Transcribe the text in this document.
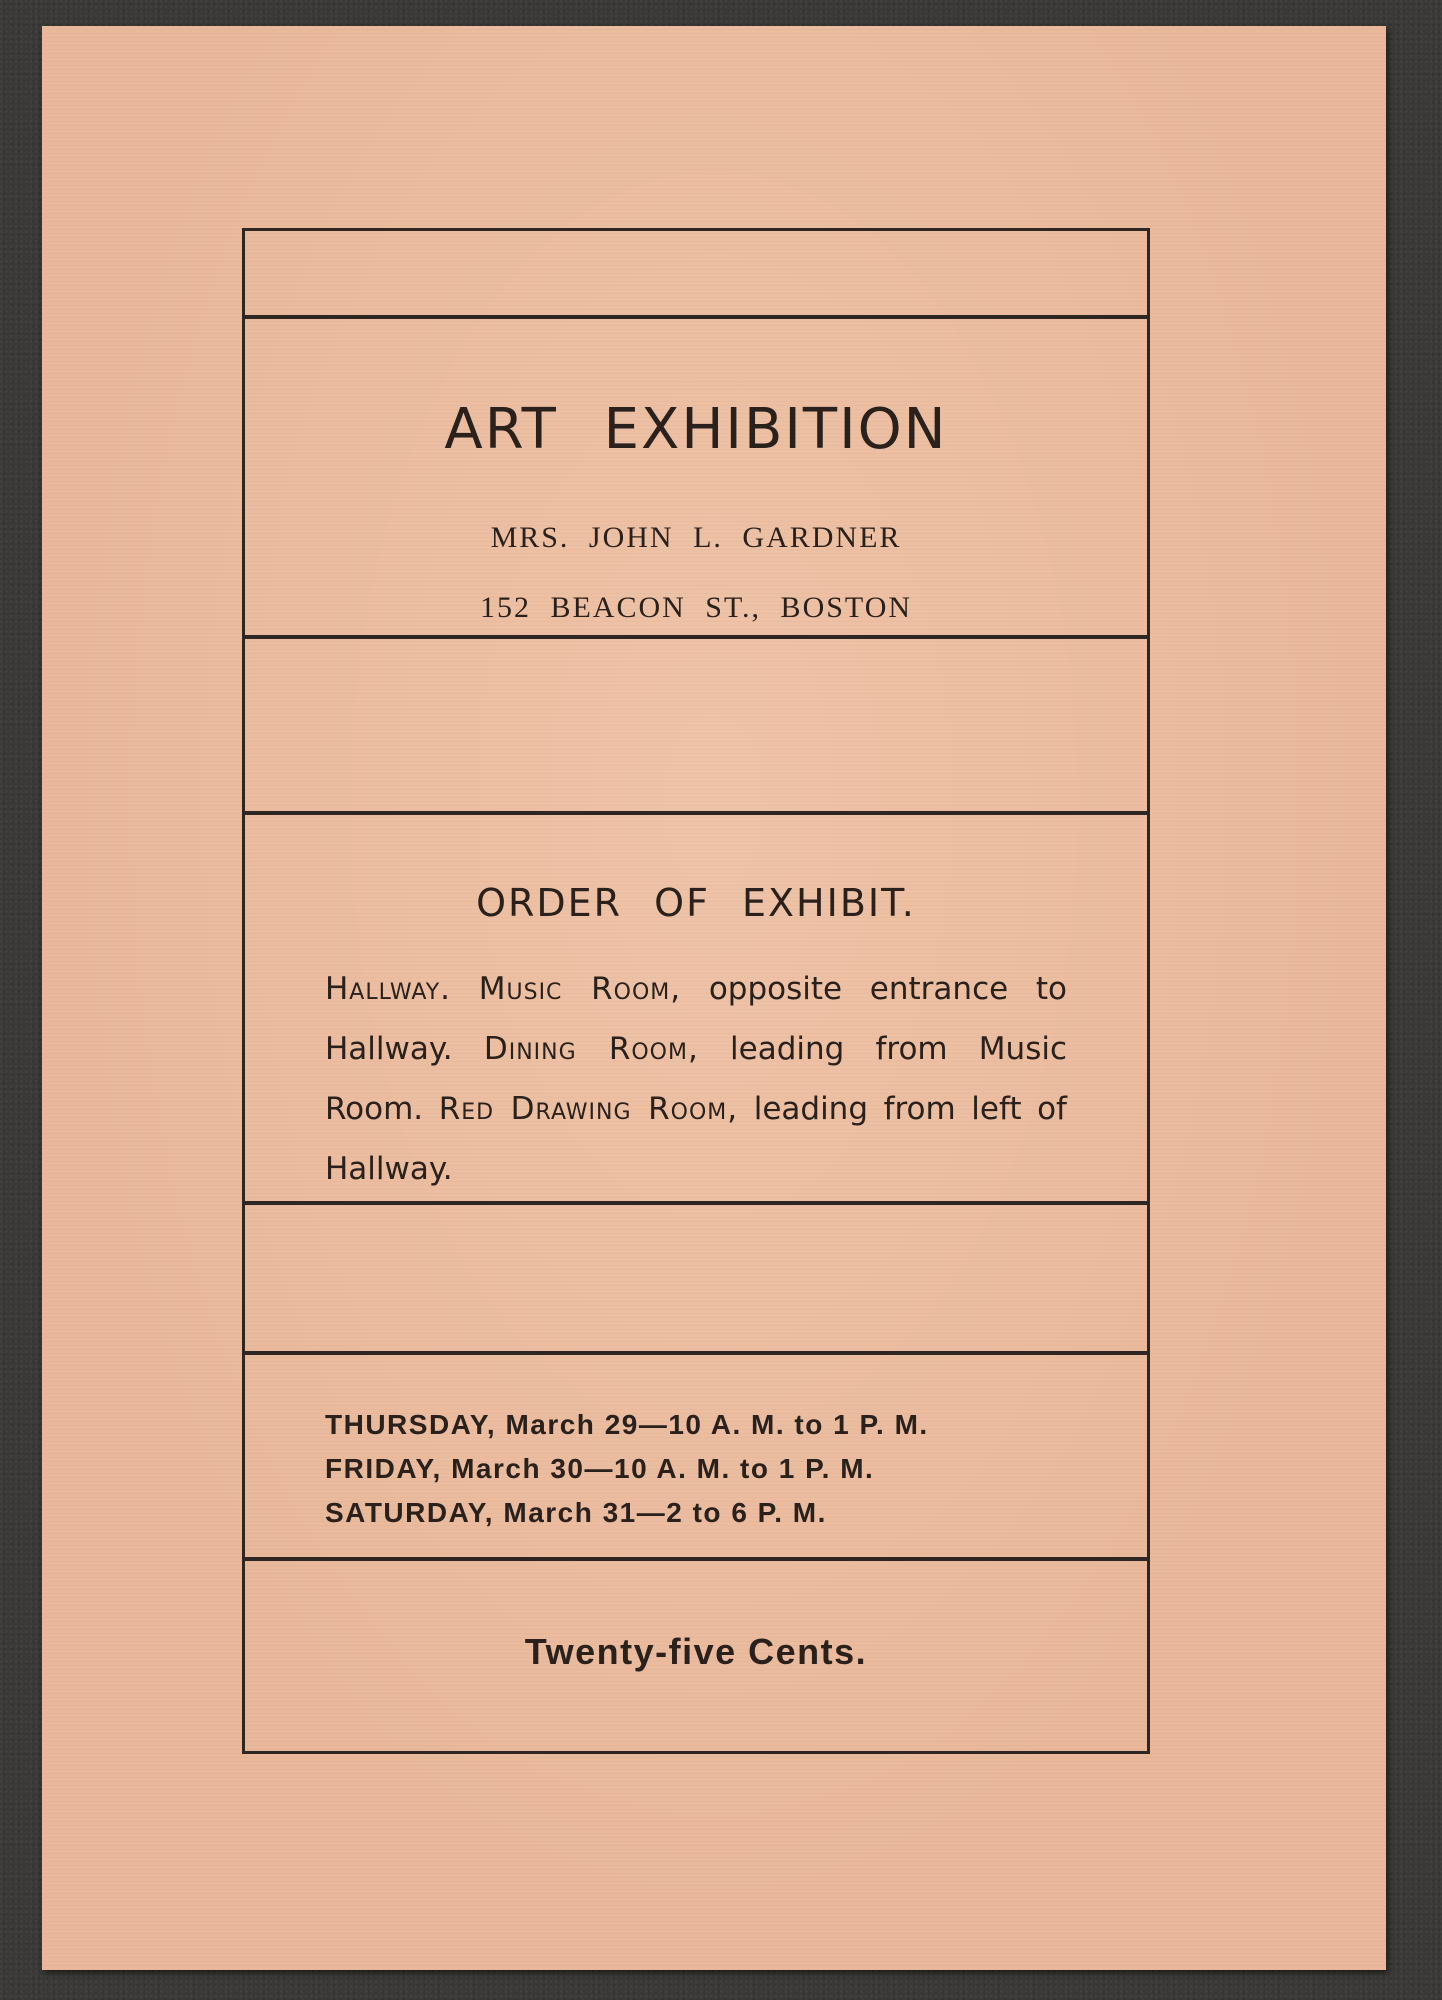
ART EXHIBITION
MRS. JOHN L. GARDNER
152 BEACON ST., BOSTON
ORDER OF EXHIBIT.
Hallway. Music Room, opposite entrance to Hallway. Dining Room, leading from Music Room. Red Drawing Room, leading from left of Hallway.
THURSDAY, March 29—10 A. M. to 1 P. M.
FRIDAY, March 30—10 A. M. to 1 P. M.
SATURDAY, March 31—2 to 6 P. M.
Twenty-five Cents.
